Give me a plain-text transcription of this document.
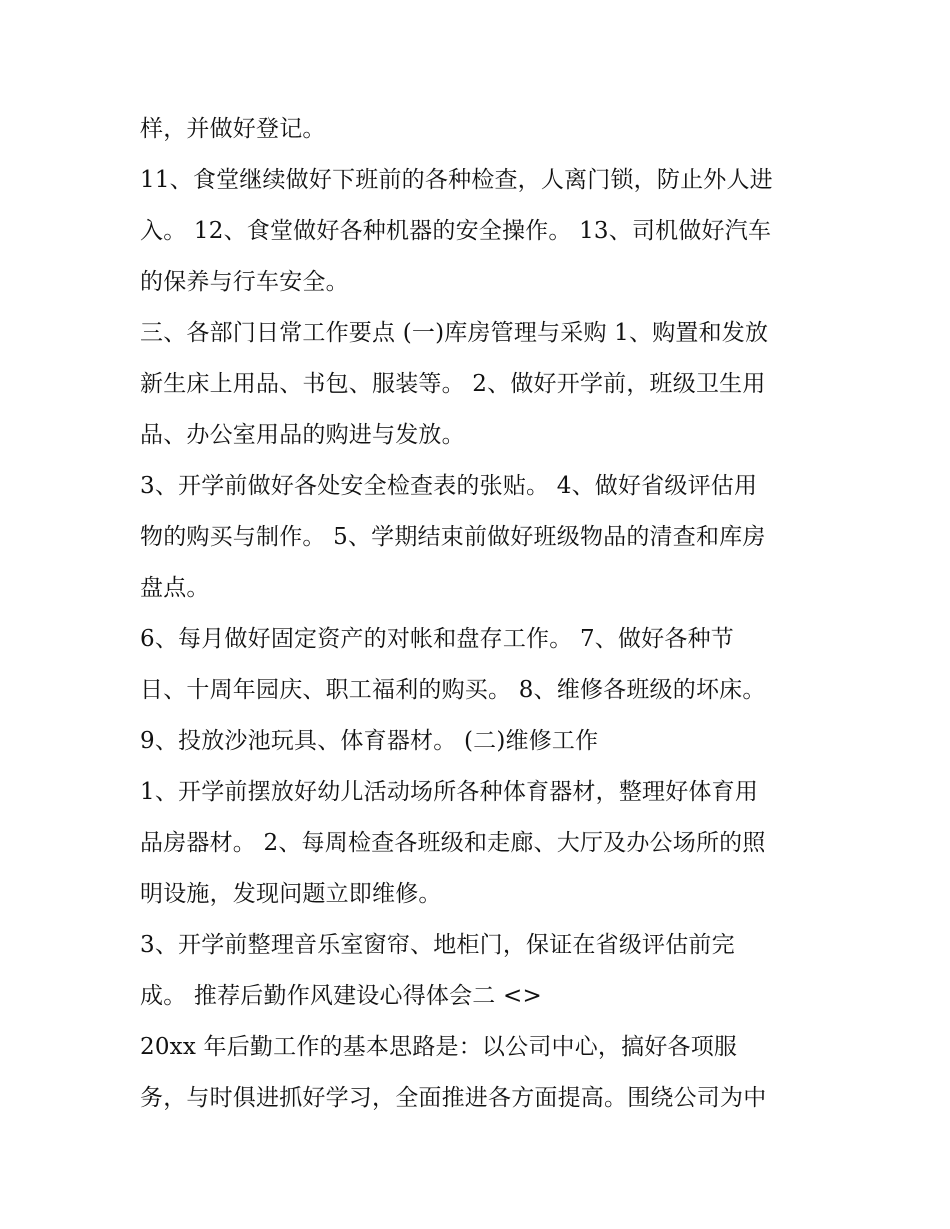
样，并做好登记。
11、食堂继续做好下班前的各种检查，人离门锁，防止外人进
入。 12、食堂做好各种机器的安全操作。 13、司机做好汽车
的保养与行车安全。
三、各部门日常工作要点 (一)库房管理与采购 1、购置和发放
新生床上用品、书包、服装等。 2、做好开学前，班级卫生用
品、办公室用品的购进与发放。
3、开学前做好各处安全检查表的张贴。 4、做好省级评估用
物的购买与制作。 5、学期结束前做好班级物品的清查和库房
盘点。
6、每月做好固定资产的对帐和盘存工作。 7、做好各种节
日、十周年园庆、职工福利的购买。 8、维修各班级的坏床。
9、投放沙池玩具、体育器材。 (二)维修工作
1、开学前摆放好幼儿活动场所各种体育器材，整理好体育用
品房器材。 2、每周检查各班级和走廊、大厅及办公场所的照
明设施，发现问题立即维修。
3、开学前整理音乐室窗帘、地柜门，保证在省级评估前完
成。 推荐后勤作风建设心得体会二 <>
20xx 年后勤工作的基本思路是：以公司中心，搞好各项服
务，与时俱进抓好学习，全面推进各方面提高。围绕公司为中
